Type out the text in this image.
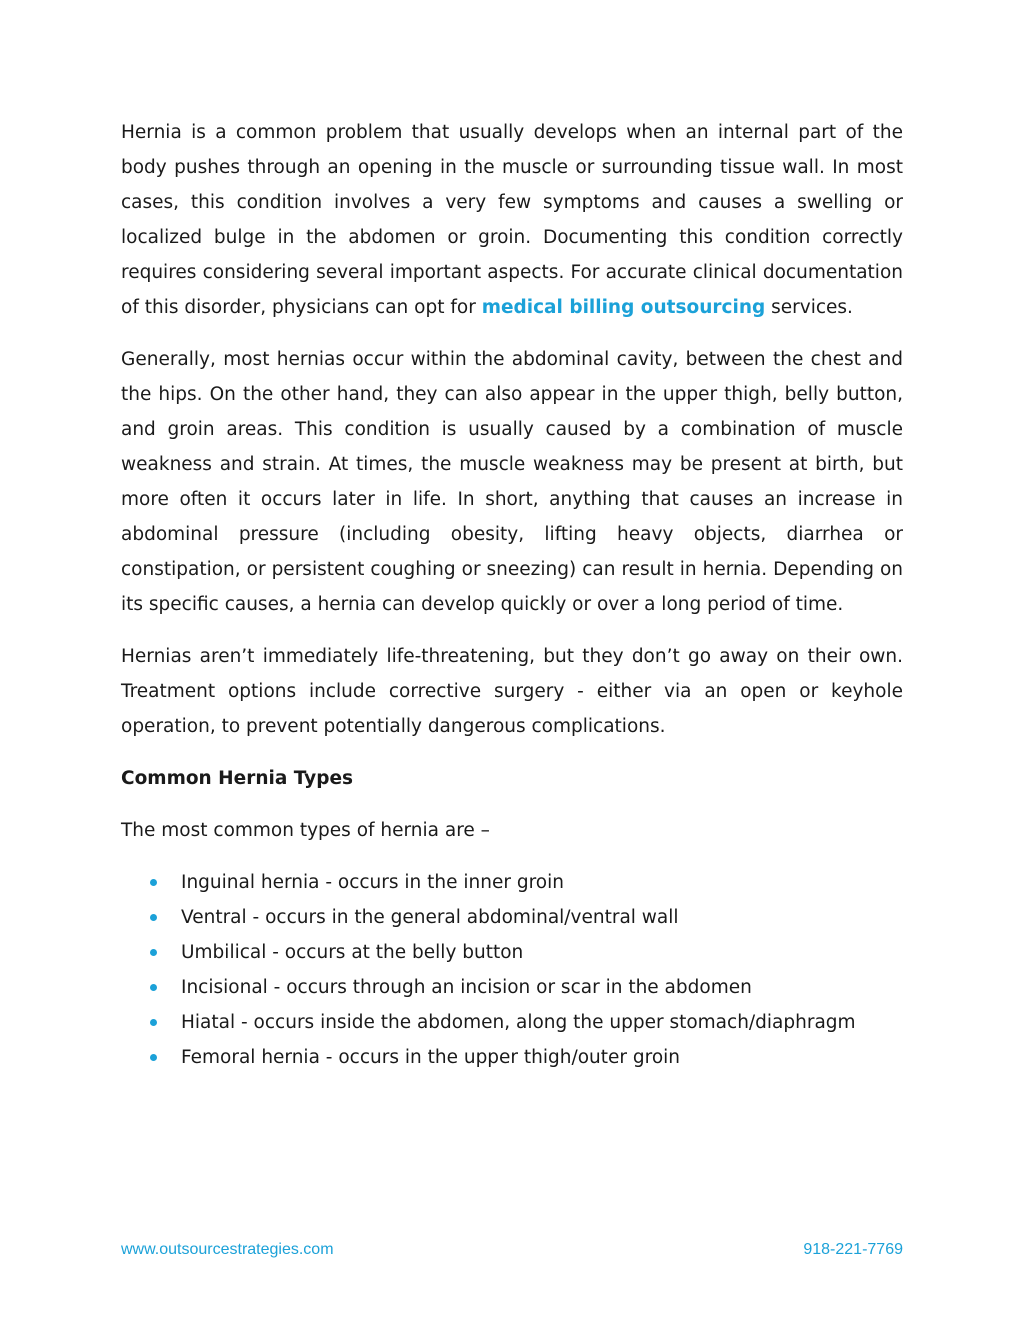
Hernia is a common problem that usually develops when an internal part of the body pushes through an opening in the muscle or surrounding tissue wall. In most cases, this condition involves a very few symptoms and causes a swelling or localized bulge in the abdomen or groin. Documenting this condition correctly requires considering several important aspects. For accurate clinical documentation of this disorder, physicians can opt for medical billing outsourcing services.

Generally, most hernias occur within the abdominal cavity, between the chest and the hips. On the other hand, they can also appear in the upper thigh, belly button, and groin areas. This condition is usually caused by a combination of muscle weakness and strain. At times, the muscle weakness may be present at birth, but more often it occurs later in life. In short, anything that causes an increase in abdominal pressure (including obesity, lifting heavy objects, diarrhea or constipation, or persistent coughing or sneezing) can result in hernia. Depending on its specific causes, a hernia can develop quickly or over a long period of time.

Hernias aren’t immediately life-threatening, but they don’t go away on their own. Treatment options include corrective surgery - either via an open or keyhole operation, to prevent potentially dangerous complications.

Common Hernia Types
The most common types of hernia are –
Inguinal hernia - occurs in the inner groin
Ventral - occurs in the general abdominal/ventral wall
Umbilical - occurs at the belly button
Incisional - occurs through an incision or scar in the abdomen
Hiatal - occurs inside the abdomen, along the upper stomach/diaphragm
Femoral hernia - occurs in the upper thigh/outer groin
www.outsourcestrategies.com	918-221-7769
